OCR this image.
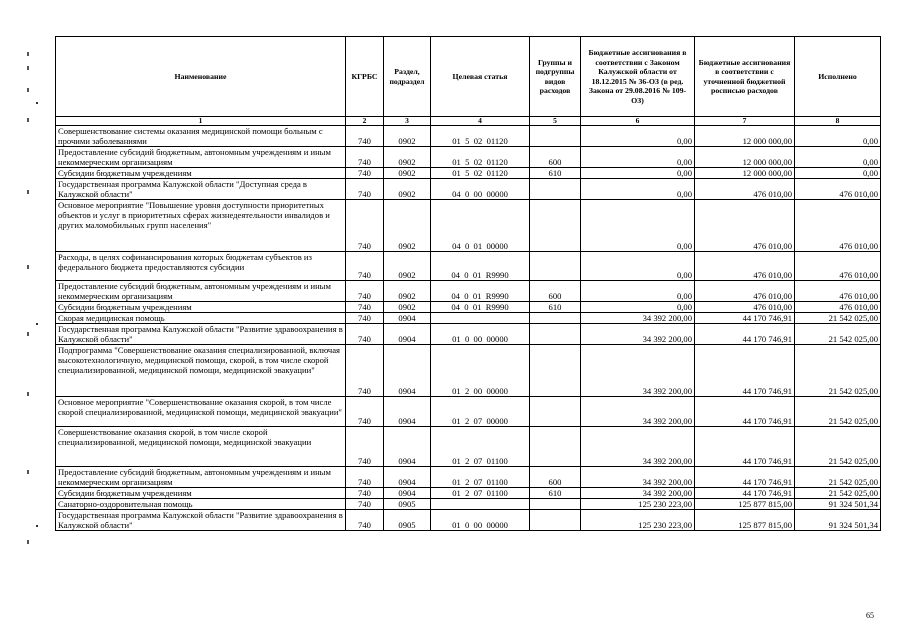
Наименование	КГРБС	Раздел, подраздел	Целевая статья	Группы и подгруппы видов расходов	Бюджетные ассигнования в соответствии с Законом Калужской области от 18.12.2015 № 36-ОЗ (в ред. Закона от 29.08.2016 № 109-ОЗ)	Бюджетные ассигнования в соответствии с уточненной бюджетной росписью расходов	Исполнено
1	2	3	4	5	6	7	8
Совершенствование системы оказания медицинской помощи больным с прочими заболеваниями	740	0902	01  5  02  01120		0,00	12 000 000,00	0,00
Предоставление субсидий бюджетным, автономным учреждениям и иным некоммерческим организациям	740	0902	01  5  02  01120	600	0,00	12 000 000,00	0,00
Субсидии бюджетным учреждениям	740	0902	01  5  02  01120	610	0,00	12 000 000,00	0,00
Государственная программа Калужской области "Доступная среда в Калужской области"	740	0902	04  0  00  00000		0,00	476 010,00	476 010,00
Основное мероприятие "Повышение уровня доступности приоритетных объектов и услуг в приоритетных сферах жизнедеятельности инвалидов и других маломобильных групп населения"	740	0902	04  0  01  00000		0,00	476 010,00	476 010,00
Расходы, в целях софинансирования которых бюджетам субъектов из федерального бюджета предоставляются субсидии	740	0902	04  0  01  R9990		0,00	476 010,00	476 010,00
Предоставление субсидий бюджетным, автономным учреждениям и иным некоммерческим организациям	740	0902	04  0  01  R9990	600	0,00	476 010,00	476 010,00
Субсидии бюджетным учреждениям	740	0902	04  0  01  R9990	610	0,00	476 010,00	476 010,00
Скорая медицинская помощь	740	0904			34 392 200,00	44 170 746,91	21 542 025,00
Государственная программа Калужской области "Развитие здравоохранения в Калужской области"	740	0904	01  0  00  00000		34 392 200,00	44 170 746,91	21 542 025,00
Подпрограмма "Совершенствование оказания специализированной, включая высокотехнологичную, медицинской помощи, скорой, в том числе скорой специализированной, медицинской помощи, медицинской эвакуации"	740	0904	01  2  00  00000		34 392 200,00	44 170 746,91	21 542 025,00
Основное мероприятие "Совершенствование оказания скорой, в том числе скорой специализированной, медицинской помощи, медицинской эвакуации"	740	0904	01  2  07  00000		34 392 200,00	44 170 746,91	21 542 025,00
Совершенствование оказания скорой, в том числе скорой специализированной, медицинской помощи, медицинской эвакуации	740	0904	01  2  07  01100		34 392 200,00	44 170 746,91	21 542 025,00
Предоставление субсидий бюджетным, автономным учреждениям и иным некоммерческим организациям	740	0904	01  2  07  01100	600	34 392 200,00	44 170 746,91	21 542 025,00
Субсидии бюджетным учреждениям	740	0904	01  2  07  01100	610	34 392 200,00	44 170 746,91	21 542 025,00
Санаторно-оздоровительная помощь	740	0905			125 230 223,00	125 877 815,00	91 324 501,34
Государственная программа Калужской области "Развитие здравоохранения в Калужской области"	740	0905	01  0  00  00000		125 230 223,00	125 877 815,00	91 324 501,34
65
